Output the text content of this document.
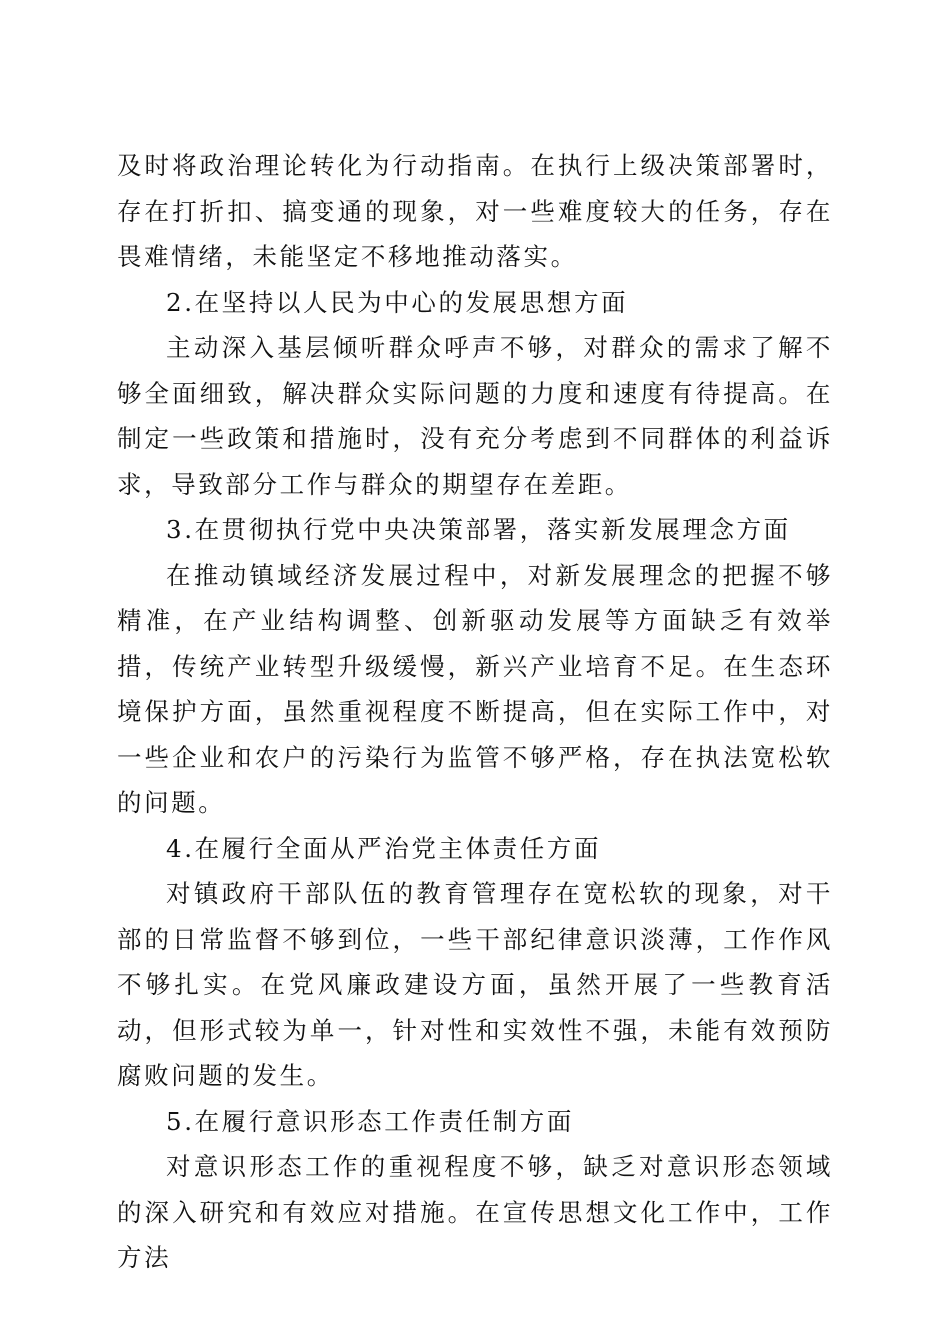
及时将政治理论转化为行动指南。在执行上级决策部署时，存在打折扣、搞变通的现象，对一些难度较大的任务，存在畏难情绪，未能坚定不移地推动落实。

2.在坚持以人民为中心的发展思想方面

主动深入基层倾听群众呼声不够，对群众的需求了解不够全面细致，解决群众实际问题的力度和速度有待提高。在制定一些政策和措施时，没有充分考虑到不同群体的利益诉求，导致部分工作与群众的期望存在差距。

3.在贯彻执行党中央决策部署，落实新发展理念方面

在推动镇域经济发展过程中，对新发展理念的把握不够精准，在产业结构调整、创新驱动发展等方面缺乏有效举措，传统产业转型升级缓慢，新兴产业培育不足。在生态环境保护方面，虽然重视程度不断提高，但在实际工作中，对一些企业和农户的污染行为监管不够严格，存在执法宽松软的问题。

4.在履行全面从严治党主体责任方面

对镇政府干部队伍的教育管理存在宽松软的现象，对干部的日常监督不够到位，一些干部纪律意识淡薄，工作作风不够扎实。在党风廉政建设方面，虽然开展了一些教育活动，但形式较为单一，针对性和实效性不强，未能有效预防腐败问题的发生。

5.在履行意识形态工作责任制方面

对意识形态工作的重视程度不够，缺乏对意识形态领域的深入研究和有效应对措施。在宣传思想文化工作中，工作方法
